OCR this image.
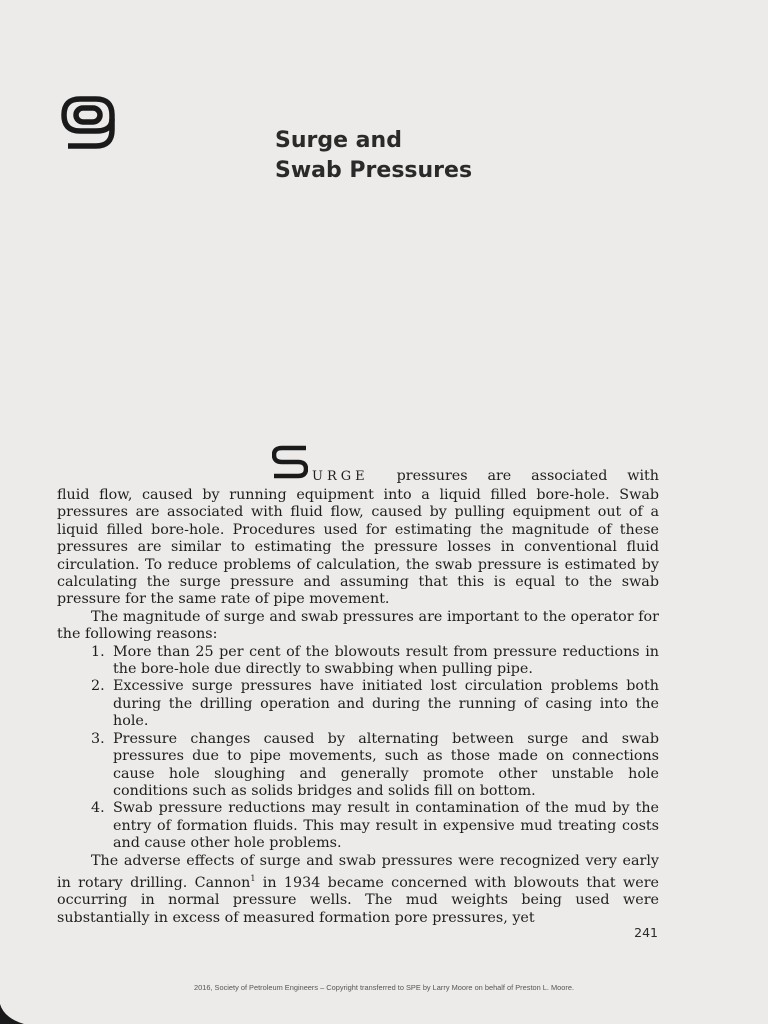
Surge and
Swab Pressures
URGE pressures are associated with

fluid flow, caused by running equipment into a liquid filled bore-hole. Swab pressures are associated with fluid flow, caused by pulling equipment out of a liquid filled bore-hole. Procedures used for estimating the magnitude of these pressures are similar to estimating the pressure losses in conventional fluid circulation. To reduce problems of calculation, the swab pressure is estimated by calculating the surge pressure and assuming that this is equal to the swab pressure for the same rate of pipe movement.

The magnitude of surge and swab pressures are important to the operator for the following reasons:

1. More than 25 per cent of the blowouts result from pressure reductions in the bore-hole due directly to swabbing when pulling pipe.
2. Excessive surge pressures have initiated lost circulation problems both during the drilling operation and during the running of casing into the hole.
3. Pressure changes caused by alternating between surge and swab pressures due to pipe movements, such as those made on connections cause hole sloughing and generally promote other unstable hole conditions such as solids bridges and solids fill on bottom.
4. Swab pressure reductions may result in contamination of the mud by the entry of formation fluids. This may result in expensive mud treating costs and cause other hole problems.

The adverse effects of surge and swab pressures were recognized very early in rotary drilling. Cannon$^1$ in 1934 became concerned with blowouts that were occurring in normal pressure wells. The mud weights being used were substantially in excess of measured formation pore pressures, yet

241
2016, Society of Petroleum Engineers – Copyright transferred to SPE by Larry Moore on behalf of Preston L. Moore.
